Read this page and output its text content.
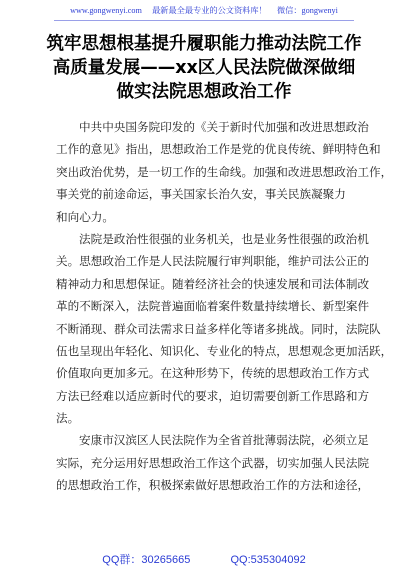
www.gongwenyi.com 最新最全最专业的公文资料库！ 微信：gongwenyi
筑牢思想根基提升履职能力推动法院工作
高质量发展——xx区人民法院做深做细
做实法院思想政治工作
中共中央国务院印发的《关于新时代加强和改进思想政治
工作的意见》指出，思想政治工作是党的优良传统、鲜明特色和
突出政治优势，是一切工作的生命线。加强和改进思想政治工作，
事关党的前途命运，事关国家长治久安，事关民族凝聚力
和向心力。
法院是政治性很强的业务机关，也是业务性很强的政治机
关。思想政治工作是人民法院履行审判职能，维护司法公正的
精神动力和思想保证。随着经济社会的快速发展和司法体制改
革的不断深入，法院普遍面临着案件数量持续增长、新型案件
不断涌现、群众司法需求日益多样化等诸多挑战。同时，法院队
伍也呈现出年轻化、知识化、专业化的特点，思想观念更加活跃，
价值取向更加多元。在这种形势下，传统的思想政治工作方式
方法已经难以适应新时代的要求，迫切需要创新工作思路和方
法。
安康市汉滨区人民法院作为全省首批薄弱法院，必须立足
实际，充分运用好思想政治工作这个武器，切实加强人民法院
的思想政治工作，积极探索做好思想政治工作的方法和途径，
QQ群：30265665	QQ:535304092
